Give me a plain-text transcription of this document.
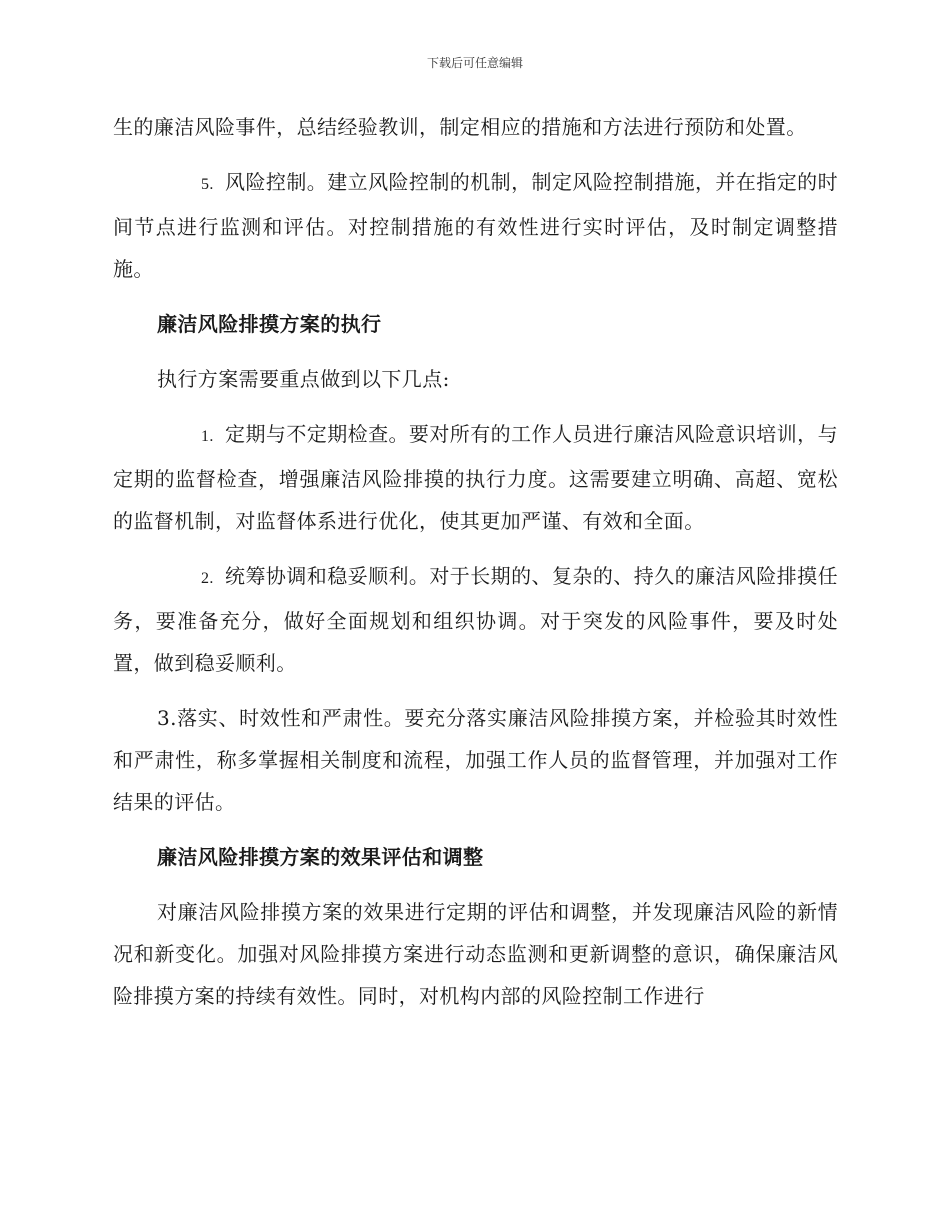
下载后可任意编辑

生的廉洁风险事件，总结经验教训，制定相应的措施和方法进行预防和处置。

5. 风险控制。建立风险控制的机制，制定风险控制措施，并在指定的时间节点进行监测和评估。对控制措施的有效性进行实时评估，及时制定调整措施。

廉洁风险排摸方案的执行

执行方案需要重点做到以下几点:

1. 定期与不定期检查。要对所有的工作人员进行廉洁风险意识培训，与定期的监督检查，增强廉洁风险排摸的执行力度。这需要建立明确、高超、宽松的监督机制，对监督体系进行优化，使其更加严谨、有效和全面。

2. 统筹协调和稳妥顺利。对于长期的、复杂的、持久的廉洁风险排摸任务，要准备充分，做好全面规划和组织协调。对于突发的风险事件，要及时处置，做到稳妥顺利。

3.落实、时效性和严肃性。要充分落实廉洁风险排摸方案，并检验其时效性和严肃性，称多掌握相关制度和流程，加强工作人员的监督管理，并加强对工作结果的评估。

廉洁风险排摸方案的效果评估和调整

对廉洁风险排摸方案的效果进行定期的评估和调整，并发现廉洁风险的新情况和新变化。加强对风险排摸方案进行动态监测和更新调整的意识，确保廉洁风险排摸方案的持续有效性。同时，对机构内部的风险控制工作进行
